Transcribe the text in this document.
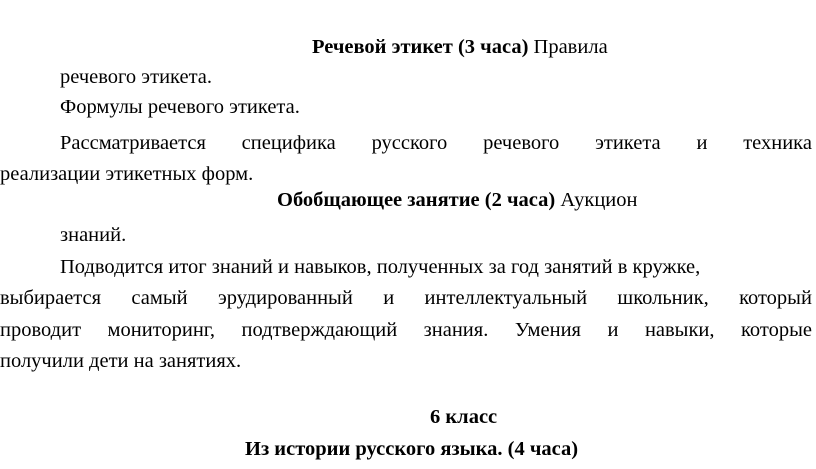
Речевой этикет (3 часа) Правила
речевого этикета.
Формулы речевого этикета.
Рассматривается специфика русского речевого этикета и техника
реализации этикетных форм.
Обобщающее занятие (2 часа) Аукцион
знаний.
Подводится итог знаний и навыков, полученных за год занятий в кружке,
выбирается самый эрудированный и интеллектуальный школьник, который
проводит мониторинг, подтверждающий знания. Умения и навыки, которые
получили дети на занятиях.
6 класс
Из истории русского языка. (4 часа)
